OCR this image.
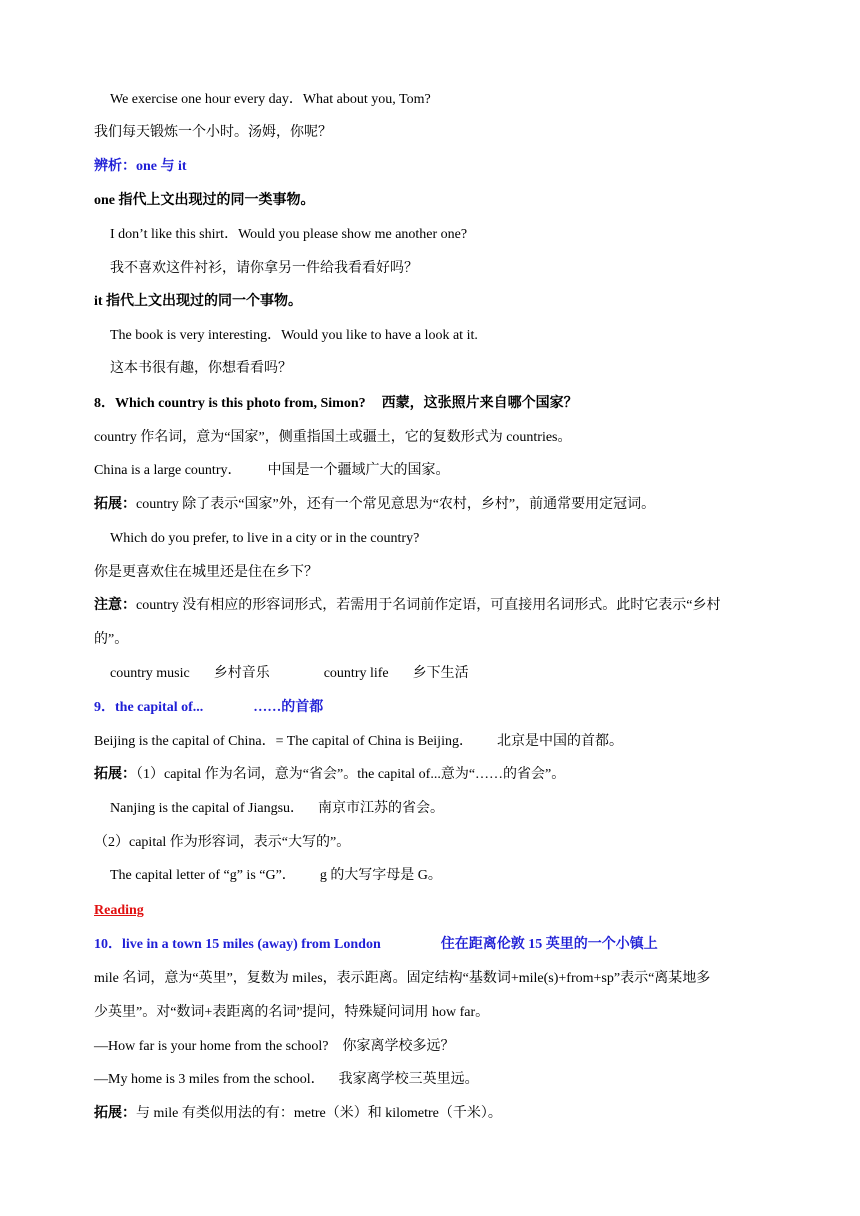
We exercise one hour every day．What about you, Tom?
我们每天锻炼一个小时。汤姆，你呢？
辨析：one 与 it
one 指代上文出现过的同一类事物。
I don’t like this shirt．Would you please show me another one?
我不喜欢这件衬衫，请你拿另一件给我看看好吗？
it 指代上文出现过的同一个事物。
The book is very interesting．Would you like to have a look at it.
这本书很有趣，你想看看吗？
8．Which country is this photo from, Simon? 西蒙，这张照片来自哪个国家？
country 作名词，意为“国家”，侧重指国土或疆土，它的复数形式为 countries。
China is a large country． 中国是一个疆域广大的国家。
拓展：country 除了表示“国家”外，还有一个常见意思为“农村，乡村”，前通常要用定冠词。
Which do you prefer, to live in a city or in the country?
你是更喜欢住在城里还是住在乡下？
注意：country 没有相应的形容词形式，若需用于名词前作定语，可直接用名词形式。此时它表示“乡村
的”。
country music 乡村音乐	country life 乡下生活
9．the capital of...	……的首都
Beijing is the capital of China．= The capital of China is Beijing． 北京是中国的首都。
拓展：（1）capital 作为名词，意为“省会”。the capital of...意为“……的省会”。
Nanjing is the capital of Jiangsu． 南京市江苏的省会。
（2）capital 作为形容词，表示“大写的”。
The capital letter of “g” is “G”． g 的大写字母是 G。
Reading
10．live in a town 15 miles (away) from London	住在距离伦敦 15 英里的一个小镇上
mile 名词，意为“英里”，复数为 miles，表示距离。固定结构“基数词+mile(s)+from+sp”表示“离某地多
少英里”。对“数词+表距离的名词”提问，特殊疑问词用 how far。
—How far is your home from the school? 你家离学校多远？
—My home is 3 miles from the school． 我家离学校三英里远。
拓展：与 mile 有类似用法的有：metre（米）和 kilometre（千米）。
